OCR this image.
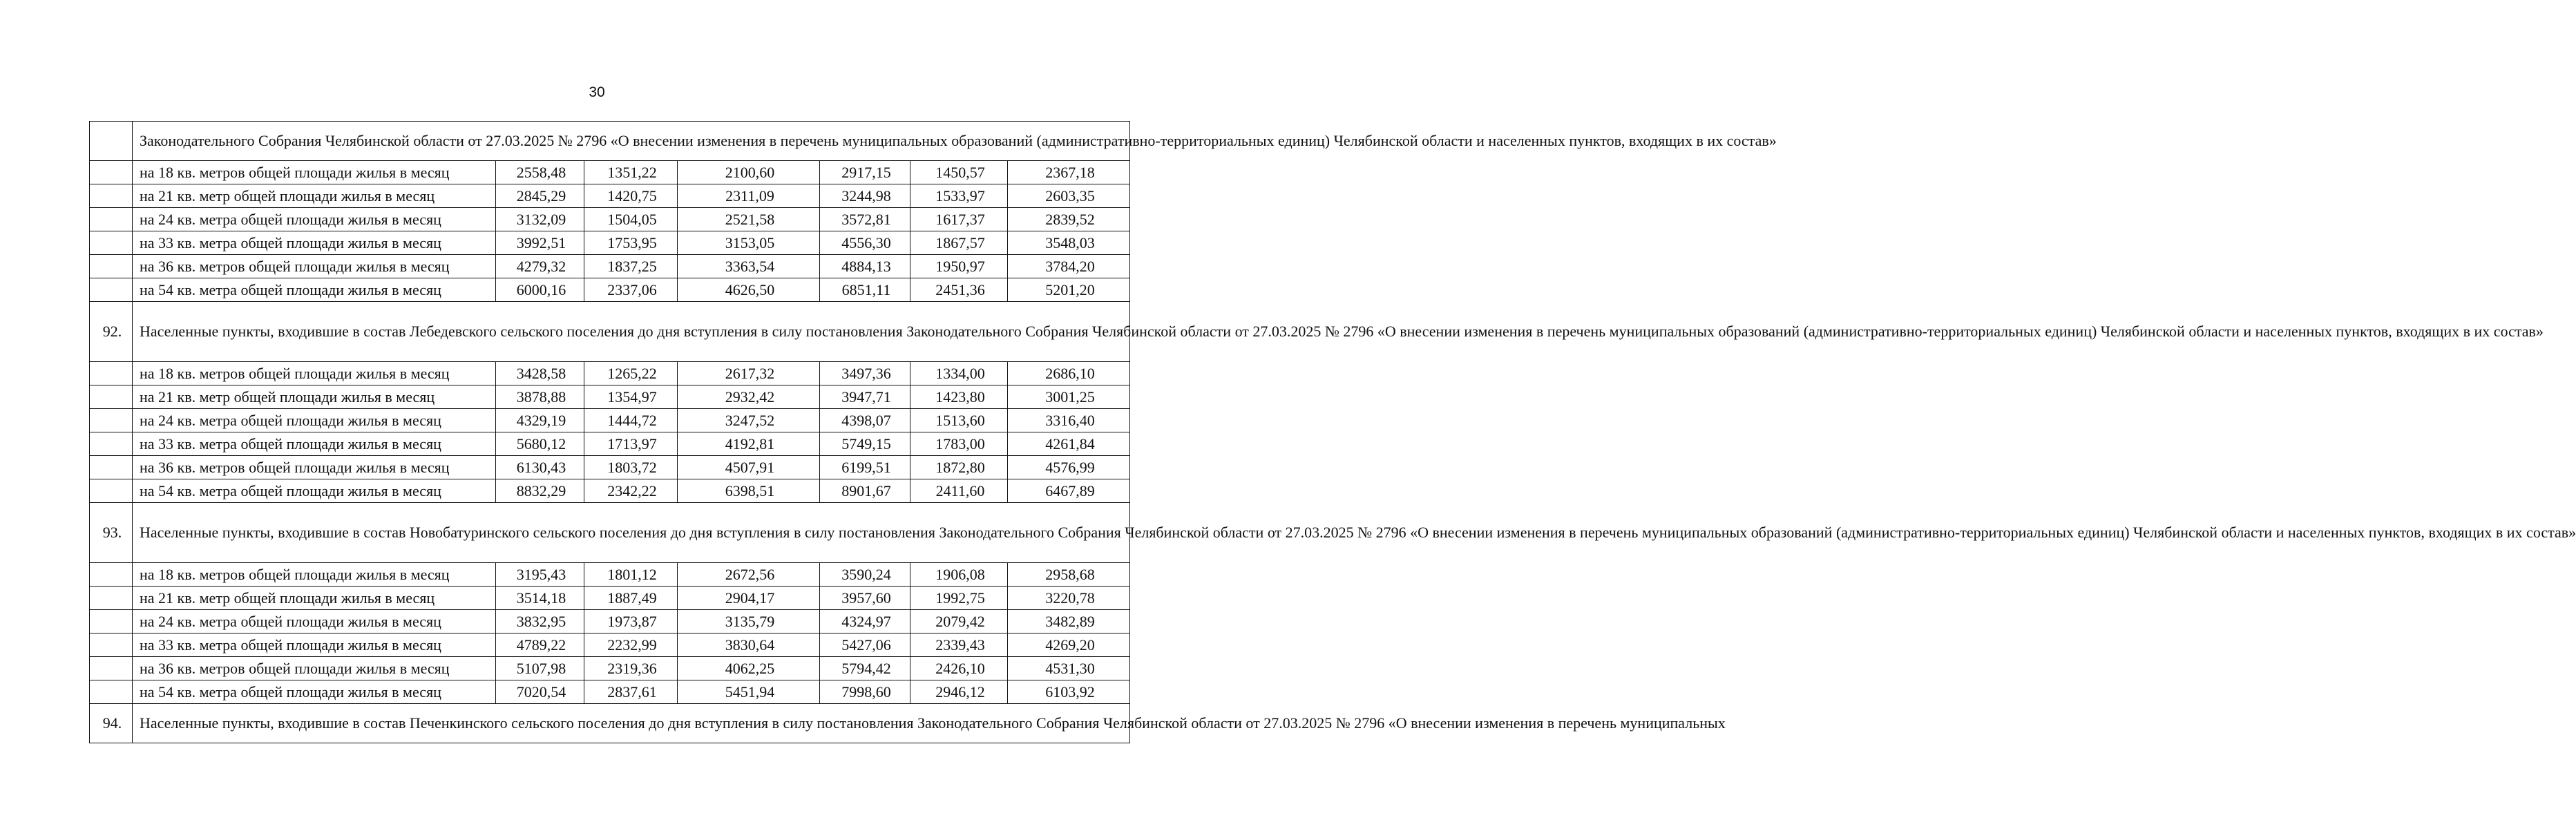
30
	Законодательного Собрания Челябинской области от 27.03.2025 № 2796 «О внесении изменения в перечень муниципальных образований (административно-территориальных единиц) Челябинской области и населенных пунктов, входящих в их состав»						
	на 18 кв. метров общей площади жилья в месяц	2558,48	1351,22	2100,60	2917,15	1450,57	2367,18
	на 21 кв. метр общей площади жилья в месяц	2845,29	1420,75	2311,09	3244,98	1533,97	2603,35
	на 24 кв. метра общей площади жилья в месяц	3132,09	1504,05	2521,58	3572,81	1617,37	2839,52
	на 33 кв. метра общей площади жилья в месяц	3992,51	1753,95	3153,05	4556,30	1867,57	3548,03
	на 36 кв. метров общей площади жилья в месяц	4279,32	1837,25	3363,54	4884,13	1950,97	3784,20
	на 54 кв. метра общей площади жилья в месяц	6000,16	2337,06	4626,50	6851,11	2451,36	5201,20
92.	Населенные пункты, входившие в состав Лебедевского сельского поселения до дня вступления в силу постановления Законодательного Собрания Челябинской области от 27.03.2025 № 2796 «О внесении изменения в перечень муниципальных образований (административно-территориальных единиц) Челябинской области и населенных пунктов, входящих в их состав»						
	на 18 кв. метров общей площади жилья в месяц	3428,58	1265,22	2617,32	3497,36	1334,00	2686,10
	на 21 кв. метр общей площади жилья в месяц	3878,88	1354,97	2932,42	3947,71	1423,80	3001,25
	на 24 кв. метра общей площади жилья в месяц	4329,19	1444,72	3247,52	4398,07	1513,60	3316,40
	на 33 кв. метра общей площади жилья в месяц	5680,12	1713,97	4192,81	5749,15	1783,00	4261,84
	на 36 кв. метров общей площади жилья в месяц	6130,43	1803,72	4507,91	6199,51	1872,80	4576,99
	на 54 кв. метра общей площади жилья в месяц	8832,29	2342,22	6398,51	8901,67	2411,60	6467,89
93.	Населенные пункты, входившие в состав Новобатуринского сельского поселения до дня вступления в силу постановления Законодательного Собрания Челябинской области от 27.03.2025 № 2796 «О внесении изменения в перечень муниципальных образований (административно-территориальных единиц) Челябинской области и населенных пунктов, входящих в их состав»						
	на 18 кв. метров общей площади жилья в месяц	3195,43	1801,12	2672,56	3590,24	1906,08	2958,68
	на 21 кв. метр общей площади жилья в месяц	3514,18	1887,49	2904,17	3957,60	1992,75	3220,78
	на 24 кв. метра общей площади жилья в месяц	3832,95	1973,87	3135,79	4324,97	2079,42	3482,89
	на 33 кв. метра общей площади жилья в месяц	4789,22	2232,99	3830,64	5427,06	2339,43	4269,20
	на 36 кв. метров общей площади жилья в месяц	5107,98	2319,36	4062,25	5794,42	2426,10	4531,30
	на 54 кв. метра общей площади жилья в месяц	7020,54	2837,61	5451,94	7998,60	2946,12	6103,92
94.	Населенные пункты, входившие в состав Печенкинского сельского поселения до дня вступления в силу постановления Законодательного Собрания Челябинской области от 27.03.2025 № 2796 «О внесении изменения в перечень муниципальных						
